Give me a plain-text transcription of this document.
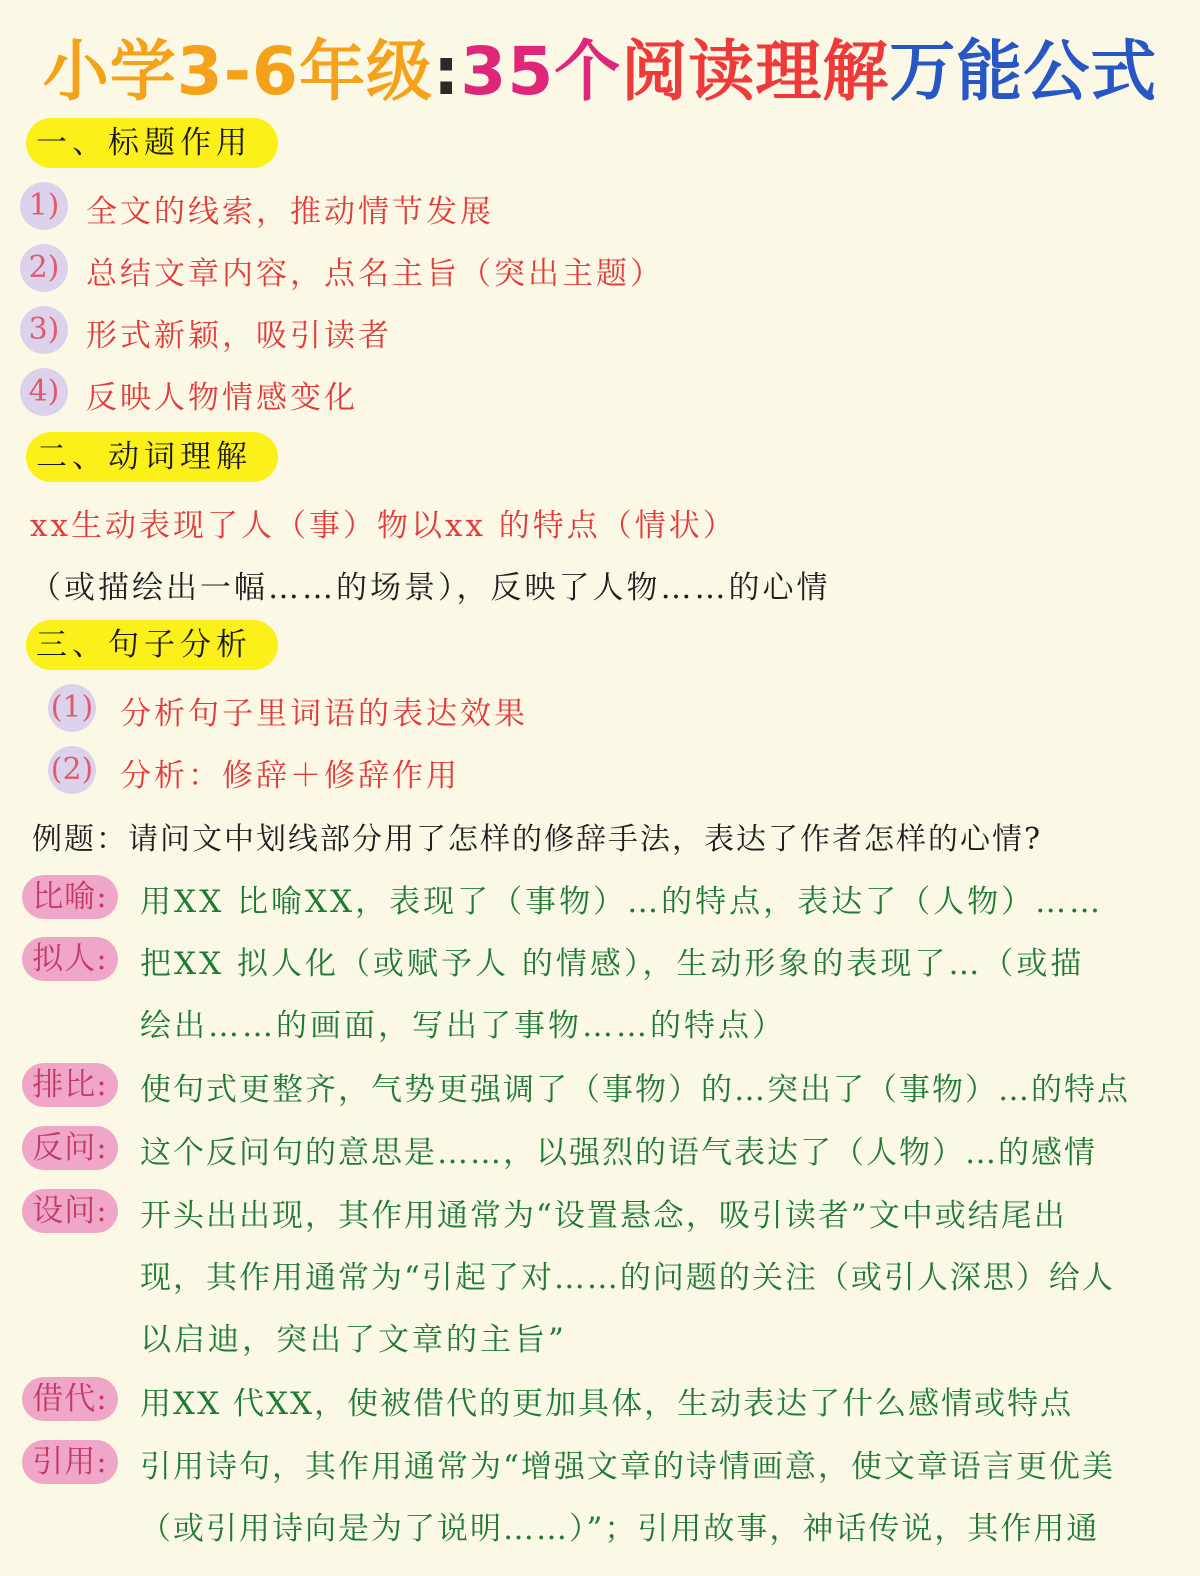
小学3-6年级:35个阅读理解万能公式
一、标题作用
1) 全文的线索，推动情节发展
2) 总结文章内容，点名主旨（突出主题）
3) 形式新颖，吸引读者
4) 反映人物情感变化
二、动词理解
xx生动表现了人（事）物以xx 的特点（情状）
（或描绘出一幅……的场景），反映了人物……的心情
三、句子分析
(1) 分析句子里词语的表达效果
(2) 分析：修辞＋修辞作用
例题：请问文中划线部分用了怎样的修辞手法，表达了作者怎样的心情?
比喻:	用XX 比喻XX，表现了（事物）…的特点，表达了（人物）……
拟人:	把XX 拟人化（或赋予人 的情感），生动形象的表现了…（或描
绘出……的画面，写出了事物……的特点）
排比:	使句式更整齐，气势更强调了（事物）的…突出了（事物）…的特点
反问:	这个反问句的意思是……，以强烈的语气表达了（人物）…的感情
设问:	开头出出现，其作用通常为“设置悬念，吸引读者”文中或结尾出
现，其作用通常为“引起了对……的问题的关注（或引人深思）给人
以启迪，突出了文章的主旨”
借代:	用XX 代XX，使被借代的更加具体，生动表达了什么感情或特点
引用:	引用诗句，其作用通常为“增强文章的诗情画意，使文章语言更优美
（或引用诗向是为了说明……）”；引用故事，神话传说，其作用通
